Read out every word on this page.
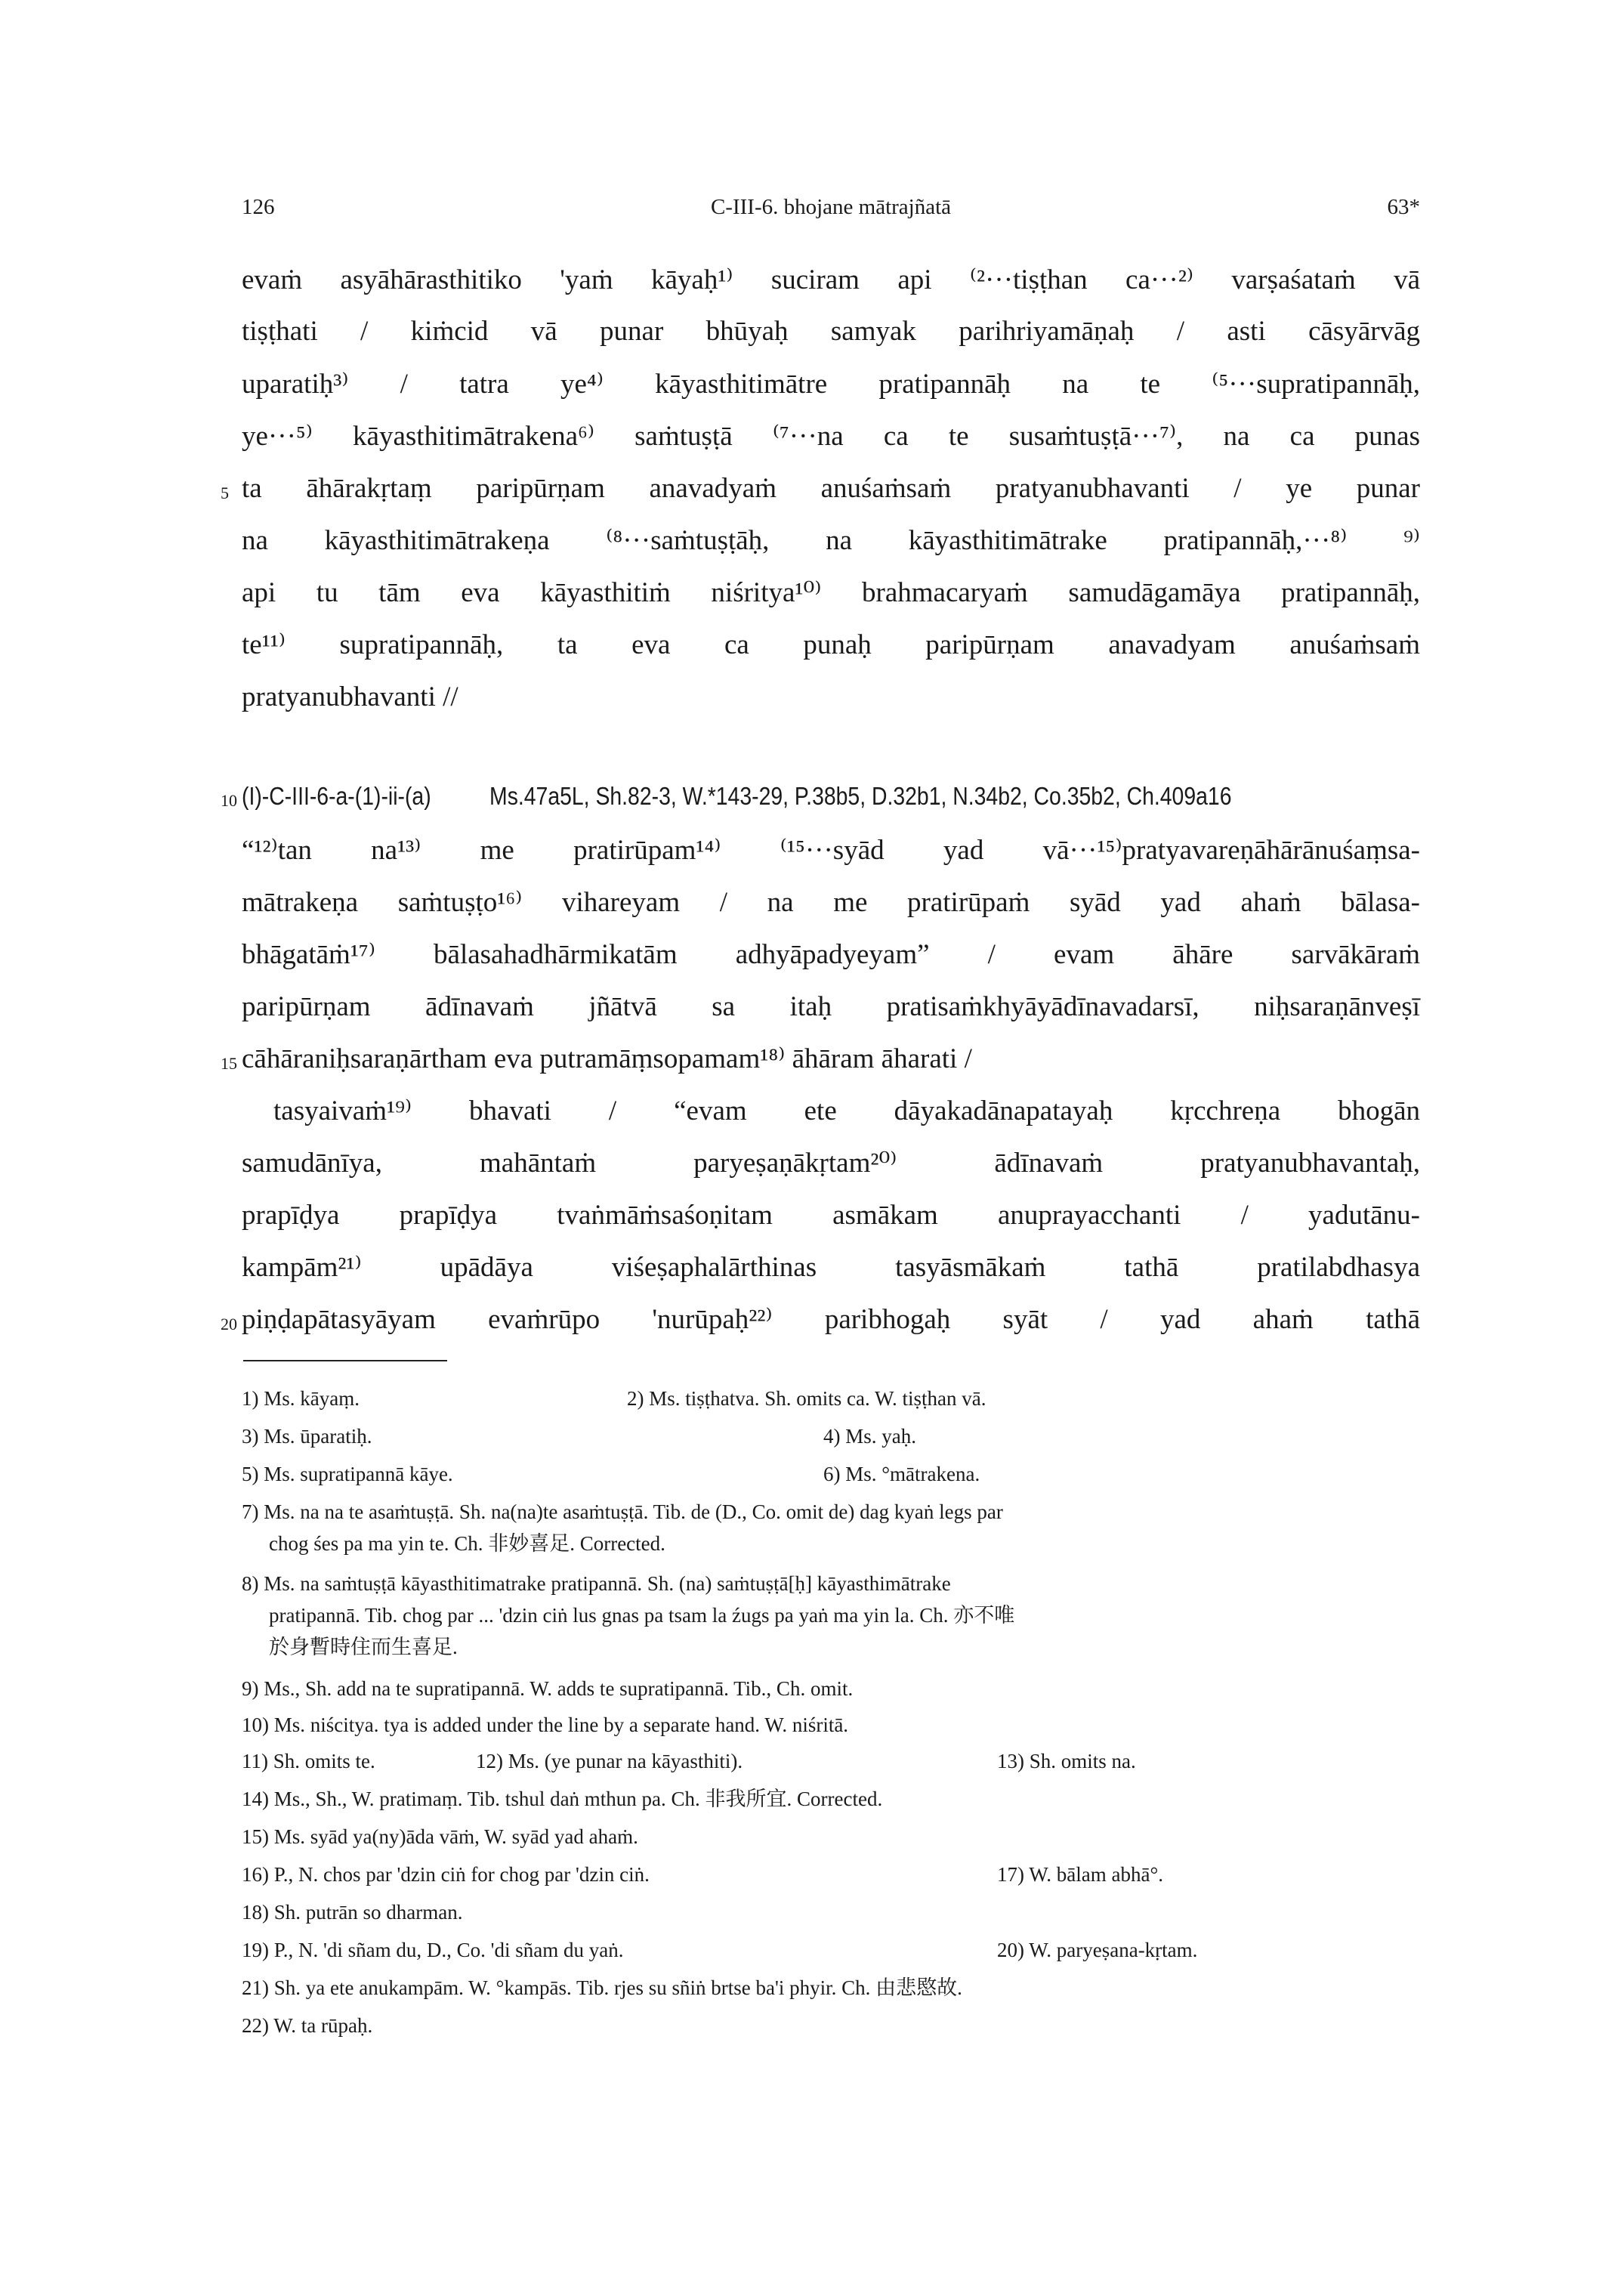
126	C-III-6. bhojane mātrajñatā	63*
evaṁ asyāhārasthitiko 'yaṁ kāyaḥ¹⁾ suciram api ⁽²···tiṣṭhan ca···²⁾ varṣaśataṁ vā
tiṣṭhati / kiṁcid vā punar bhūyaḥ samyak parihriyamāṇaḥ / asti cāsyārvāg
uparatiḥ³⁾ / tatra ye⁴⁾ kāyasthitimātre pratipannāḥ na te ⁽⁵···supratipannāḥ,
ye···⁵⁾ kāyasthitimātrakena⁶⁾ saṁtuṣṭā ⁽⁷···na ca te susaṁtuṣṭā···⁷⁾, na ca punas
ta āhārakṛtaṃ paripūrṇam anavadyaṁ anuśaṁsaṁ pratyanubhavanti / ye punar
na kāyasthitimātrakeṇa ⁽⁸···saṁtuṣṭāḥ, na kāyasthitimātrake pratipannāḥ,···⁸⁾ ⁹⁾
api tu tām eva kāyasthitiṁ niśritya¹⁰⁾ brahmacaryaṁ samudāgamāya pratipannāḥ,
te¹¹⁾ supratipannāḥ, ta eva ca punaḥ paripūrṇam anavadyam anuśaṁsaṁ
pratyanubhavanti //
5
10
15
20
(I)-C-III-6-a-(1)-ii-(a) Ms.47a5L, Sh.82-3, W.*143-29, P.38b5, D.32b1, N.34b2, Co.35b2, Ch.409a16
“¹²⁾tan na¹³⁾ me pratirūpam¹⁴⁾ ⁽¹⁵···syād yad vā···¹⁵⁾pratyavareṇāhārānuśaṃsa-
mātrakeṇa saṁtuṣṭo¹⁶⁾ vihareyam / na me pratirūpaṁ syād yad ahaṁ bālasa-
bhāgatāṁ¹⁷⁾ bālasahadhārmikatām adhyāpadyeyam” / evam āhāre sarvākāraṁ
paripūrṇam ādīnavaṁ jñātvā sa itaḥ pratisaṁkhyāyādīnavadarsī, niḥsaraṇānveṣī
cāhāraniḥsaraṇārtham eva putramāṃsopamam¹⁸⁾ āhāram āharati /
tasyaivaṁ¹⁹⁾ bhavati / “evam ete dāyakadānapatayaḥ kṛcchreṇa bhogān
samudānīya, mahāntaṁ paryeṣaṇākṛtam²⁰⁾ ādīnavaṁ pratyanubhavantaḥ,
prapīḍya prapīḍya tvaṅmāṁsaśoṇitam asmākam anuprayacchanti / yadutānu-
kampām²¹⁾ upādāya viśeṣaphalārthinas tasyāsmākaṁ tathā pratilabdhasya
piṇḍapātasyāyam evaṁrūpo 'nurūpaḥ²²⁾ paribhogaḥ syāt / yad ahaṁ tathā
1) Ms. kāyaṃ.	2) Ms. tiṣṭhatva. Sh. omits ca. W. tiṣṭhan vā.
3) Ms. ūparatiḥ.	4) Ms. yaḥ.
5) Ms. supratipannā kāye.	6) Ms. °mātrakena.
7) Ms. na na te asaṁtuṣṭā. Sh. na(na)te asaṁtuṣṭā. Tib. de (D., Co. omit de) dag kyaṅ legs par
chog śes pa ma yin te. Ch. 非妙喜足. Corrected.
8) Ms. na saṁtuṣṭā kāyasthitimatrake pratipannā. Sh. (na) saṁtuṣṭā[ḥ] kāyasthimātrake
pratipannā. Tib. chog par ... 'dzin ciṅ lus gnas pa tsam la źugs pa yaṅ ma yin la. Ch. 亦不唯
於身暫時住而生喜足.
9) Ms., Sh. add na te supratipannā. W. adds te supratipannā. Tib., Ch. omit.
10) Ms. niścitya. tya is added under the line by a separate hand. W. niśritā.
11) Sh. omits te.	12) Ms. (ye punar na kāyasthiti).	13) Sh. omits na.
14) Ms., Sh., W. pratimaṃ. Tib. tshul daṅ mthun pa. Ch. 非我所宜. Corrected.
15) Ms. syād ya(ny)āda vāṁ, W. syād yad ahaṁ.
16) P., N. chos par 'dzin ciṅ for chog par 'dzin ciṅ.	17) W. bālam abhā°.
18) Sh. putrān so dharman.
19) P., N. 'di sñam du, D., Co. 'di sñam du yaṅ.	20) W. paryeṣana-kṛtam.
21) Sh. ya ete anukampām. W. °kampās. Tib. rjes su sñiṅ brtse ba'i phyir. Ch. 由悲愍故.
22) W. ta rūpaḥ.
